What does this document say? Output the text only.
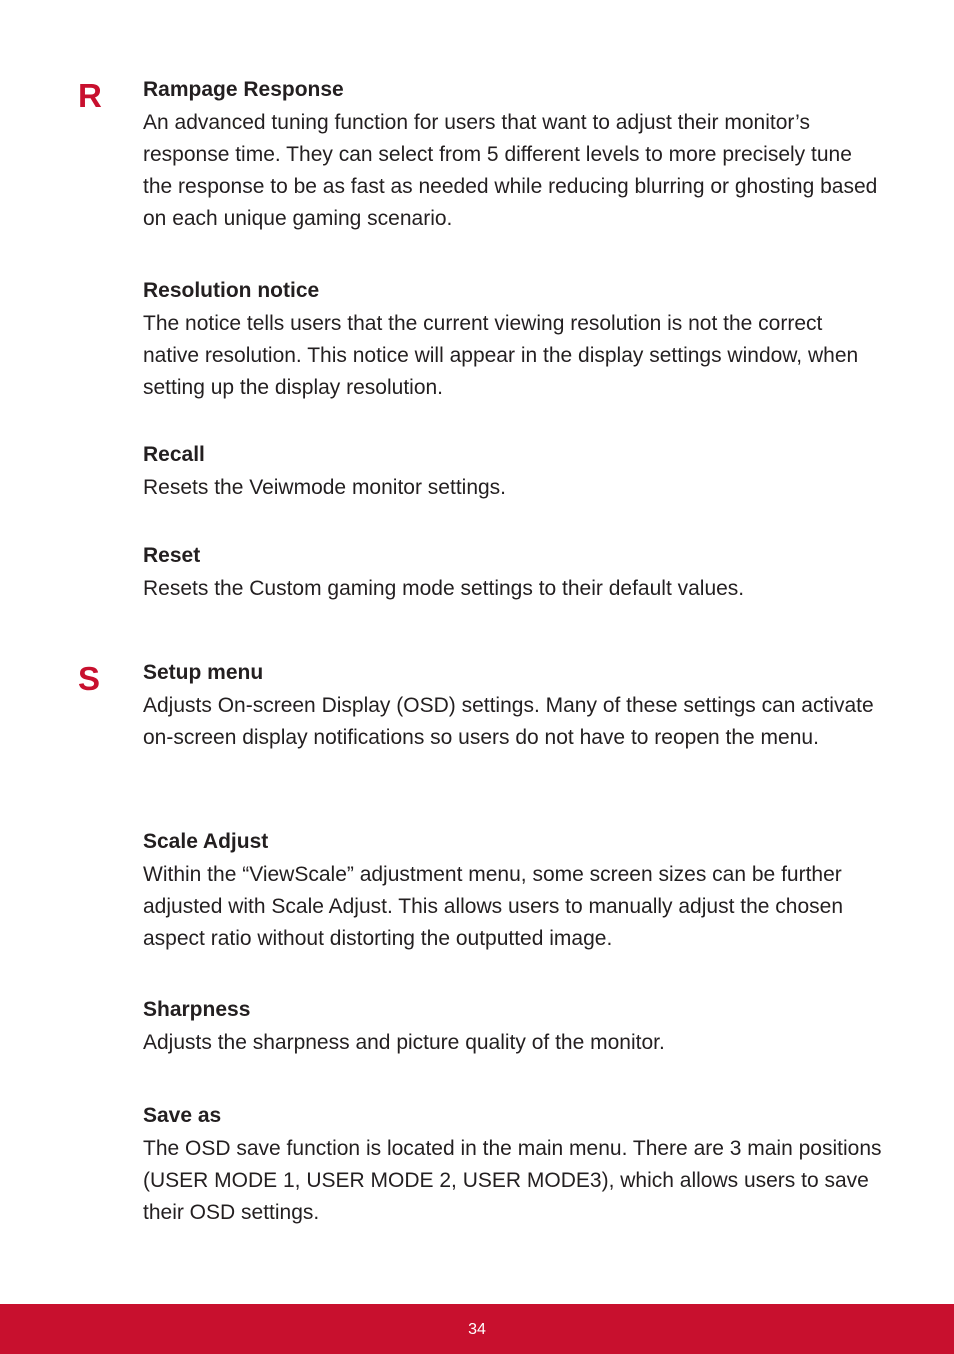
R Rampage Response

An advanced tuning function for users that want to adjust their monitor’s response time. They can select from 5 different levels to more precisely tune the response to be as fast as needed while reducing blurring or ghosting based on each unique gaming scenario.

Resolution notice

The notice tells users that the current viewing resolution is not the correct native resolution. This notice will appear in the display settings window, when setting up the display resolution.

Recall

Resets the Veiwmode monitor settings.

Reset

Resets the Custom gaming mode settings to their default values.

S Setup menu

Adjusts On-screen Display (OSD) settings. Many of these settings can activate on-screen display notifications so users do not have to reopen the menu.

Scale Adjust

Within the “ViewScale” adjustment menu, some screen sizes can be further adjusted with Scale Adjust. This allows users to manually adjust the chosen aspect ratio without distorting the outputted image.

Sharpness

Adjusts the sharpness and picture quality of the monitor.

Save as

The OSD save function is located in the main menu. There are 3 main positions (USER MODE 1, USER MODE 2, USER MODE3), which allows users to save their OSD settings.

34
